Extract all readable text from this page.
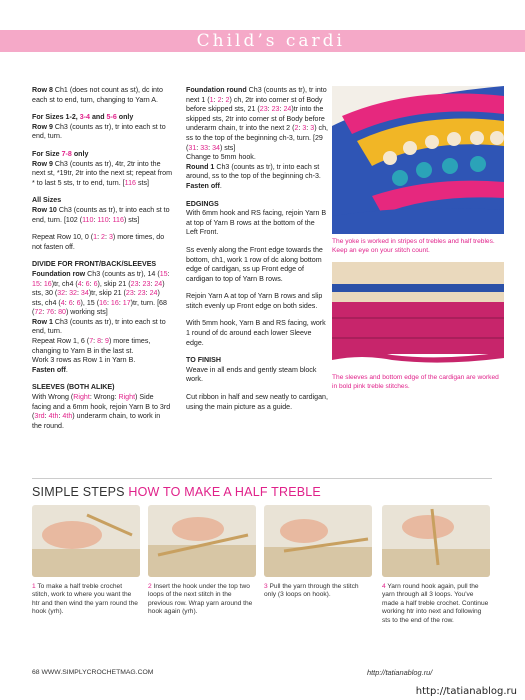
Child’s cardi

Row 8 Ch1 (does not count as st), dc into each st to end, turn, changing to Yarn A.

For Sizes 1-2, 3-4 and 5-6 only
Row 9 Ch3 (counts as tr), tr into each st to end, turn.

For Size 7-8 only
Row 9 Ch3 (counts as tr), 4tr, 2tr into the next st, *19tr, 2tr into the next st; repeat from * to last 5 sts, tr to end, turn. [116 sts]

All Sizes
Row 10 Ch3 (counts as tr), tr into each st to end, turn. [102 (110: 110: 116) sts]

Repeat Row 10, 0 (1: 2: 3) more times, do not fasten off.

DIVIDE FOR FRONT/BACK/SLEEVES
Foundation row Ch3 (counts as tr), 14 (15: 15: 16)tr, ch4 (4: 6: 6), skip 21 (23: 23: 24) sts, 30 (32: 32: 34)tr, skip 21 (23: 23: 24) sts, ch4 (4: 6: 6), 15 (16: 16: 17)tr, turn. [68 (72: 76: 80) working sts]

Row 1 Ch3 (counts as tr), tr into each st to end, turn.

Repeat Row 1, 6 (7: 8: 9) more times, changing to Yarn B in the last st.

Work 3 rows as Row 1 in Yarn B.

Fasten off.

SLEEVES (BOTH ALIKE)
With Wrong (Right: Wrong: Right) Side facing and a 6mm hook, rejoin Yarn B to 3rd (3rd: 4th: 4th) underarm chain, to work in the round.

Foundation round Ch3 (counts as tr), tr into next 1 (1: 2: 2) ch, 2tr into corner st of Body before skipped sts, 21 (23: 23: 24)tr into the skipped sts, 2tr into corner st of Body before underarm chain, tr into the next 2 (2: 3: 3) ch, ss to the top of the beginning ch-3, turn. [29 (31: 33: 34) sts]

Change to 5mm hook.

Round 1 Ch3 (counts as tr), tr into each st around, ss to the top of the beginning ch-3.

Fasten off.

EDGINGS

With 6mm hook and RS facing, rejoin Yarn B at top of Yarn B rows at the bottom of the Left Front.

Ss evenly along the Front edge towards the bottom, ch1, work 1 row of dc along bottom edge of cardigan, ss up Front edge of cardigan to top of Yarn B rows.

Rejoin Yarn A at top of Yarn B rows and slip stitch evenly up Front edge on both sides.

With 5mm hook, Yarn B and RS facing, work 1 round of dc around each lower Sleeve edge.

TO FINISH

Weave in all ends and gently steam block work.

Cut ribbon in half and sew neatly to cardigan, using the main picture as a guide.

The yoke is worked in stripes of trebles and half trebles. Keep an eye on your stitch count.
The sleeves and bottom edge of the cardigan are worked in bold pink treble stitches.
SIMPLE STEPS HOW TO MAKE A HALF TREBLE
1 To make a half treble crochet stitch, work to where you want the htr and then wind the yarn round the hook (yrh).
2 Insert the hook under the top two loops of the next stitch in the previous row. Wrap yarn around the hook again (yrh).
3 Pull the yarn through the stitch only (3 loops on hook).
4 Yarn round hook again, pull the yarn through all 3 loops. You've made a half treble crochet. Continue working htr into next and following sts to the end of the row.
68 WWW.SIMPLYCROCHETMAG.COM	http://tatianablog.ru/
http://tatianablog.ru
